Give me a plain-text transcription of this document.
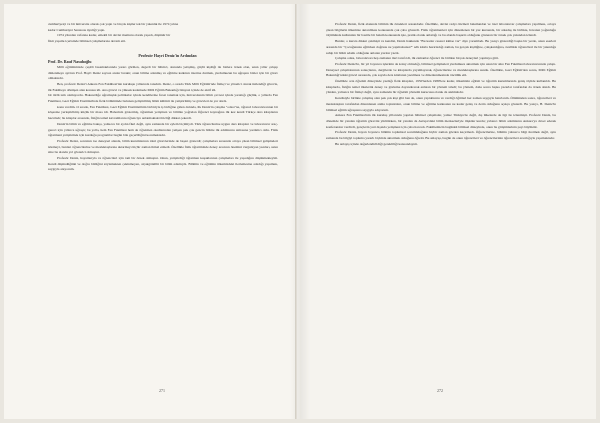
cumhuriyetçi ve bir üniversite olarak çok yaptı ve birçok kişiler tek bir yakınlık ile 1974 yılına

kadar Cumhuriyet Senatosu üyeliği yaptı.

1974 yılından vefatına kadar, emekli bir devlet memuru olarak yaşadı, düşünür bir

fikir yaşamı içerisinde bilimsel çalışmalarına devam etti.

Profesör Hayri Deniz'in Ardından

Prof. Dr. Rauf Nasuhoğlu

Milli eğitimimizde çeşitli basamaklarında yararı görülen, degerli bir bilimci, alanında yetişmiş, güçlü kişiliği ile bizlere örnek olan, uzun yıllar çalışıp dinlenmeye ayrılan Prof. Hayri Deniz sayısız anılar bıraktı; onun bilime adanmış ve eğitime katkıları üzerine durmak, yurdumuzun bu uğraşını bizler için bir görev olmaktadır.

Ben, profesör Deniz'i Ankara Fen Fakültesi'nin kuruluşu yıllarında tanıdım. Deniz, o sırada Türk Milli Eğitimi'nde fizikçi ve yönetici olarak üstlendiği görevle, ilk Fakülteye dönüşen alan konusu idi. Ana görevi ve yüksek kademede Milli Eğitim Bakanlığı bünyesi içinde de aktif idi.

bir türlü tam olamıyordu. Hakaretliğe uğramışlık politikalar içinde kendilerine fırsat tanımak için, üniversitenin bilim çevresi içinde yarattığı güçlük, o yıllarda Fen Fakültesi, Gazi Eğitim Enstitüsü'nde fizik bölümünde bulunan geliştirilmiş bilim kültürü ile yetiştirilmiş ve görevleri de yer alırdı.

konu verdim. O sırada, Fen Fakültesi, Gazi Eğitim Enstitüsü'nün birbiriyle iş birliğine giden dalında, ilk Deniz'in çalışma "odası"na, öğrenci laboratuvarının bir köşesine yerleştirilmiş küçük bir masa idi. Haberiniz göstermiş, öğretmen yetiştiren ve bilimle yoğrulan Öğrenci kaynağına ilk kez kendi Türkçe ders kitaplarını hazırladı; bu kitaplar arasında, fiziğin temel kavramlarını öğrenciye anlatmaktaki titizliği dikkat çekerdi.

Deniz'in bilim ve eğitime bakışı, yalnızca bir aydın fikri değil, aynı zamanda bir eylem biçimiydi. Türk öğrencilerine uygun ders kitapları ve laboratuvar araç-gereci için yıllarca uğraştı; bu yolla, hem Fen Fakültesi hem de öğretmen okullarından yetişen pek çok gencin bilime ilk adımlarını atmasına yardımcı oldu. Fizik öğretmeni yetiştirmek için kurduğu programlar bugün bile geçerliliğini korumaktadır.

Profesör Deniz, sonraları ise deneysel alanda, bilim kurumlarının idari görevlerinde de başarı gösterdi; çalışmaları sırasında ortaya çıkan bilimsel gelişmeleri izlemeyi, bunları öğrencilerine ve meslektaşlarına aktarmayı hiçbir zaman ihmal etmedi. Özellikle fizik öğretiminde deney aracının önemini vurgulayan yazıları, uzun süre bu alanda yol gösterici olmuştur.

Profesör Deniz, hayatlarıyla ve öğrencileri için tam bir örnek olmuştur. Onun, yetiştirdiği öğretmen kuşaklarının çalışmaları ile yaşadığını düşünmekteyim. Kendi düşündüğünü ve doğru bildiğini söylemekten çekinmeyen, alçakgönüllü bir bilim adamıydı. Bilimin ve eğitimin ülkemizdeki ilerlemesine adadığı yaşamını, saygıyla anıyorum.

271

Profesör Deniz, fizik alanında bilimin ilk örnekleri arasındadır. Özellikle, devlet radyo hizmeti bakımından ve özel laboratuvar çalışmaları yapılması, ortaya çıkan bilgilerin ülkemize aktarılması konusunda çok çaba gösterdi. Fizik öğretmenleri için düzenlenen bir yaz kursunda, bir arkadaş ile birlikte, havanın yoğunluğu ölçümünde kullanılan bir basitle bir bakım konusunda işte, pratik olarak anlattığı ve bu alanda başarılı olduğunu gösteren bir örnek çok yakından izlendi.

Bunlar, o kursta dikkat çekmişti ve kendisi, Deniz hakkında "Bu kadar cesaret kimse var" diye yorumladı. Bu yazıyı gösterdiği başka bir yerde, onun eserleri arasında bir "Çocuğunuzu eğitirken doğrusu ne yapmalısınız?" adlı kitabı hazırladığı zaman, bu gerçek kişiliğine, çalışkanlığına, özellikle öğrencileri ile bir yakınlığa sahip bir bilim adamı olduğunu anlatan yazılar yazdı.

Çalışma odası, laboratuvarı hep zamanın ileri tarafı idi, ilk zamanlar öğrenci ile birlikte birçok deneyleri yapmaya gitti.

Profesör Deniz'in, bir yıl boyunca işlerinin de kolay olmadığı, bilimsel gelişmeleri yurdumuza aktarmak için uzun bir süre Fen Fakültesi laboratuvarında çalıştı. Deneysel çalışmalarının sonuçlarını, dergilerde ve kitaplarda yayımlayarak, öğrencilerine ve meslektaşlarına sundu. Özellikle, Gazi Eğitim'den sonra, Milli Eğitim Bakanlığı'ndaki görevi sırasında, çok sayıda ders kitabının yazılması ve düzenlenmesinde öncülük etti.

Özellikle orta öğretim düzeyinde yazdığı fizik kitapları, 1950'lerden 1980'lere kadar, ülkemizin eğitim ve öğretim kurumlarında geniş ölçüde kullanıldı. Bu kitaplarda, fiziğin temel ilkelerini deney ve gözleme dayandırarak anlatan bir yöntem izledi; bu yöntem, daha sonra başka yazarlar tarafından da örnek alındı. Bu yüzden, yalnızca bir fizikçi değil, aynı zamanda bir öğretim yöntemi kurucusu olarak da anılmalıdır.

Kendisiyle birlikte çalışmış olan pek çok kişi gibi ben de, onun yaptıklarını ve verdiği öğütleri her zaman saygıyla hatırlarım. Ölümünden sonra, öğrencileri ve meslektaşları tarafından düzenlenen anma toplantıları, onun bilime ve eğitime katkısının ne kadar geniş ve derin olduğunu açıkça gösterdi. Bu yazıyı, H. Deniz'in bilimsel eğitim uğraşısına saygıyla adıyorum.

Ankara Fen Fakültesi'nin ilk kuruluş yıllarında yapılan bilimsel çalışmalar, yalnız Türkiye'de değil, dış ülkelerde de ilgi ile izlenmişti. Profesör Deniz, bu dönemde bir yandan öğretim görevini yürütürken, bir yandan da Avrupa'daki bilim merkezleriyle ilişkiler kurdu; yabancı bilim adamlarını Ankara'ya davet ederek konferanslar verdirdi, gençlerin yurt dışında yetişmesi için çaba harcadı. Fakültemizin bugünkü bilimsel düzeyinde, onun bu girişimlerinin payı büyüktür.

Profesör Deniz, hayatı boyunca bilimin toplumsal sorumluluğunu hiçbir zaman gözden kaçırmadı. Öğrencilerine, bilimin yalnızca bilgi üretmek değil, aynı zamanda bu bilgiyi topluma yararlı biçimde aktarmak olduğunu öğretti. Bu anlayışı, bugün de onun öğrencileri ve öğrencilerinin öğrencileri aracılığıyla yaşamaktadır.

Bu anlayış içinde değerlendirildiği gerekliliği kanısındayım.

272
